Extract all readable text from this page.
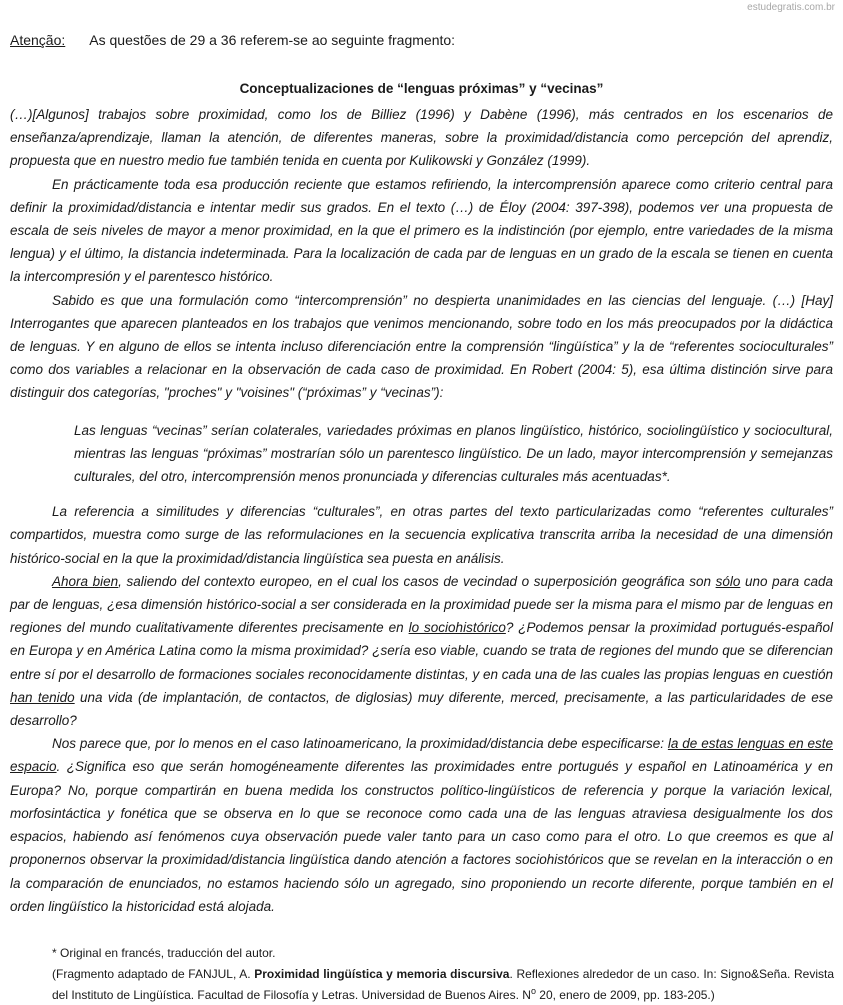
estudegratis.com.br
Atenção: As questões de 29 a 36 referem-se ao seguinte fragmento:
Conceptualizaciones de “lenguas próximas” y “vecinas”

(…)[Algunos] trabajos sobre proximidad, como los de Billiez (1996) y Dabène (1996), más centrados en los escenarios de enseñanza/aprendizaje, llaman la atención, de diferentes maneras, sobre la proximidad/distancia como percepción del aprendiz, propuesta que en nuestro medio fue también tenida en cuenta por Kulikowski y González (1999).

En prácticamente toda esa producción reciente que estamos refiriendo, la intercomprensión aparece como criterio central para definir la proximidad/distancia e intentar medir sus grados. En el texto (…) de Éloy (2004: 397-398), podemos ver una propuesta de escala de seis niveles de mayor a menor proximidad, en la que el primero es la indistinción (por ejemplo, entre variedades de la misma lengua) y el último, la distancia indeterminada. Para la localización de cada par de lenguas en un grado de la escala se tienen en cuenta la intercompresión y el parentesco histórico.

Sabido es que una formulación como “intercomprensión” no despierta unanimidades en las ciencias del lenguaje. (…) [Hay] Interrogantes que aparecen planteados en los trabajos que venimos mencionando, sobre todo en los más preocupados por la didáctica de lenguas. Y en alguno de ellos se intenta incluso diferenciación entre la comprensión “lingüística” y la de “referentes socioculturales” como dos variables a relacionar en la observación de cada caso de proximidad. En Robert (2004: 5), esa última distinción sirve para distinguir dos categorías, "proches" y "voisines" (“próximas” y “vecinas”):

Las lenguas “vecinas” serían colaterales, variedades próximas en planos lingüístico, histórico, sociolingüístico y sociocultural, mientras las lenguas “próximas” mostrarían sólo un parentesco lingüístico. De un lado, mayor intercomprensión y semejanzas culturales, del otro, intercomprensión menos pronunciada y diferencias culturales más acentuadas*.

La referencia a similitudes y diferencias “culturales”, en otras partes del texto particularizadas como “referentes culturales” compartidos, muestra como surge de las reformulaciones en la secuencia explicativa transcrita arriba la necesidad de una dimensión histórico-social en la que la proximidad/distancia lingüística sea puesta en análisis.

Ahora bien, saliendo del contexto europeo, en el cual los casos de vecindad o superposición geográfica son sólo uno para cada par de lenguas, ¿esa dimensión histórico-social a ser considerada en la proximidad puede ser la misma para el mismo par de lenguas en regiones del mundo cualitativamente diferentes precisamente en lo sociohistórico? ¿Podemos pensar la proximidad portugués-español en Europa y en América Latina como la misma proximidad? ¿sería eso viable, cuando se trata de regiones del mundo que se diferencian entre sí por el desarrollo de formaciones sociales reconocidamente distintas, y en cada una de las cuales las propias lenguas en cuestión han tenido una vida (de implantación, de contactos, de diglosias) muy diferente, merced, precisamente, a las particularidades de ese desarrollo?

Nos parece que, por lo menos en el caso latinoamericano, la proximidad/distancia debe especificarse: la de estas lenguas en este espacio. ¿Significa eso que serán homogéneamente diferentes las proximidades entre portugués y español en Latinoamérica y en Europa? No, porque compartirán en buena medida los constructos político-lingüísticos de referencia y porque la variación lexical, morfosintáctica y fonética que se observa en lo que se reconoce como cada una de las lenguas atraviesa desigualmente los dos espacios, habiendo así fenómenos cuya observación puede valer tanto para un caso como para el otro. Lo que creemos es que al proponernos observar la proximidad/distancia lingüística dando atención a factores sociohistóricos que se revelan en la interacción o en la comparación de enunciados, no estamos haciendo sólo un agregado, sino proponiendo un recorte diferente, porque también en el orden lingüístico la historicidad está alojada.

* Original en francés, traducción del autor.
(Fragmento adaptado de FANJUL, A. Proximidad lingüística y memoria discursiva. Reflexiones alrededor de un caso. In: Signo&Seña. Revista del Instituto de Lingüística. Facultad de Filosofía y Letras. Universidad de Buenos Aires. $N^o$ 20, enero de 2009, pp. 183-205.)
